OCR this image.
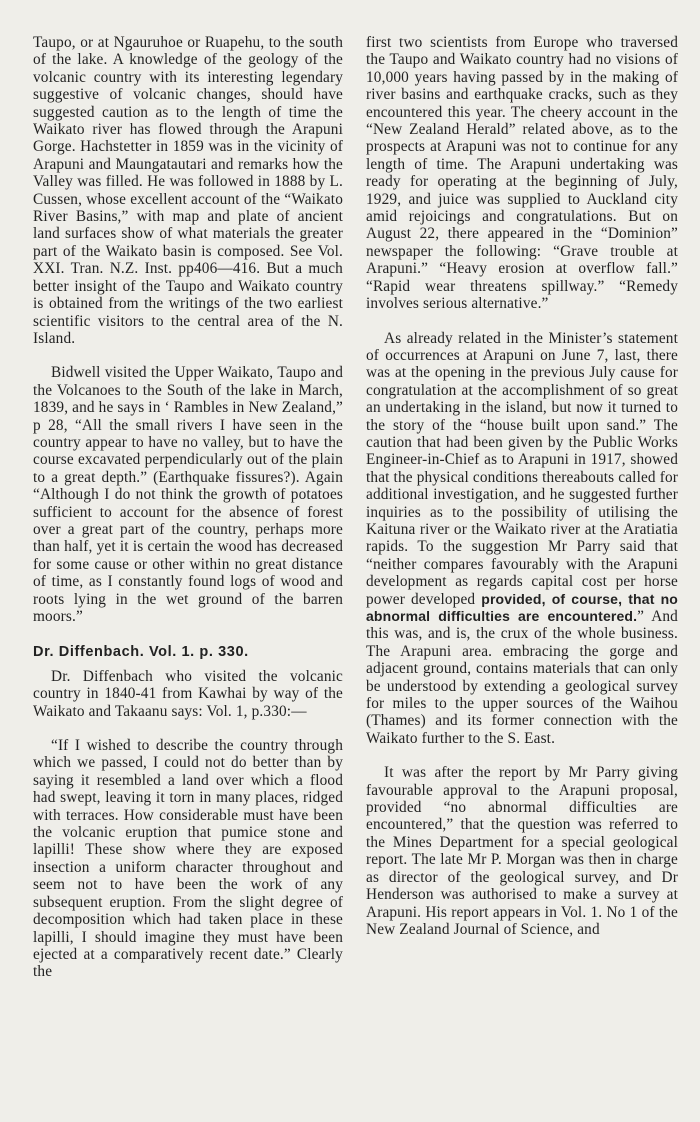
Taupo, or at Ngauruhoe or Ruapehu, to the south of the lake. A knowledge of the geology of the volcanic country with its interesting legendary suggestive of volcanic changes, should have suggested caution as to the length of time the Waikato river has flowed through the Arapuni Gorge. Hachstetter in 1859 was in the vicinity of Arapuni and Maungatautari and remarks how the Valley was filled. He was followed in 1888 by L. Cussen, whose excellent account of the “Waikato River Basins,” with map and plate of ancient land surfaces show of what materials the greater part of the Waikato basin is composed. See Vol. XXI. Tran. N.Z. Inst. pp406—416. But a much better insight of the Taupo and Waikato country is obtained from the writings of the two earliest scientific visitors to the central area of the N. Island.

Bidwell visited the Upper Waikato, Taupo and the Volcanoes to the South of the lake in March, 1839, and he says in ‘ Rambles in New Zealand,” p 28, “All the small rivers I have seen in the country appear to have no valley, but to have the course excavated perpendicularly out of the plain to a great depth.” (Earthquake fissures?). Again “Although I do not think the growth of potatoes sufficient to account for the absence of forest over a great part of the country, perhaps more than half, yet it is certain the wood has decreased for some cause or other within no great distance of time, as I constantly found logs of wood and roots lying in the wet ground of the barren moors.”

Dr. Diffenbach. Vol. 1. p. 330.

Dr. Diffenbach who visited the volcanic country in 1840-41 from Kawhai by way of the Waikato and Takaanu says: Vol. 1, p.330:—

“If I wished to describe the country through which we passed, I could not do better than by saying it resembled a land over which a flood had swept, leaving it torn in many places, ridged with terraces. How considerable must have been the volcanic eruption that pumice stone and lapilli! These show where they are exposed insection a uniform character throughout and seem not to have been the work of any subsequent eruption. From the slight degree of decomposition which had taken place in these lapilli, I should imagine they must have been ejected at a comparatively recent date.” Clearly the

first two scientists from Europe who traversed the Taupo and Waikato country had no visions of 10,000 years having passed by in the making of river basins and earthquake cracks, such as they encountered this year. The cheery account in the “New Zealand Herald” related above, as to the prospects at Arapuni was not to continue for any length of time. The Arapuni undertaking was ready for operating at the beginning of July, 1929, and juice was supplied to Auckland city amid rejoicings and congratulations. But on August 22, there appeared in the “Dominion” newspaper the following: “Grave trouble at Arapuni.” “Heavy erosion at overflow fall.” “Rapid wear threatens spillway.” “Remedy involves serious alternative.”

As already related in the Minister’s statement of occurrences at Arapuni on June 7, last, there was at the opening in the previous July cause for congratulation at the accomplishment of so great an undertaking in the island, but now it turned to the story of the “house built upon sand.” The caution that had been given by the Public Works Engineer-in-Chief as to Arapuni in 1917, showed that the physical conditions thereabouts called for additional investigation, and he suggested further inquiries as to the possibility of utilising the Kaituna river or the Waikato river at the Aratiatia rapids. To the suggestion Mr Parry said that “neither compares favourably with the Arapuni development as regards capital cost per horse power developed provided, of course, that no abnormal difficulties are encountered.” And this was, and is, the crux of the whole business. The Arapuni area. embracing the gorge and adjacent ground, contains materials that can only be understood by extending a geological survey for miles to the upper sources of the Waihou (Thames) and its former connection with the Waikato further to the S. East.

It was after the report by Mr Parry giving favourable approval to the Arapuni proposal, provided “no abnormal difficulties are encountered,” that the question was referred to the Mines Department for a special geological report. The late Mr P. Morgan was then in charge as director of the geological survey, and Dr Henderson was authorised to make a survey at Arapuni. His report appears in Vol. 1. No 1 of the New Zealand Journal of Science, and
